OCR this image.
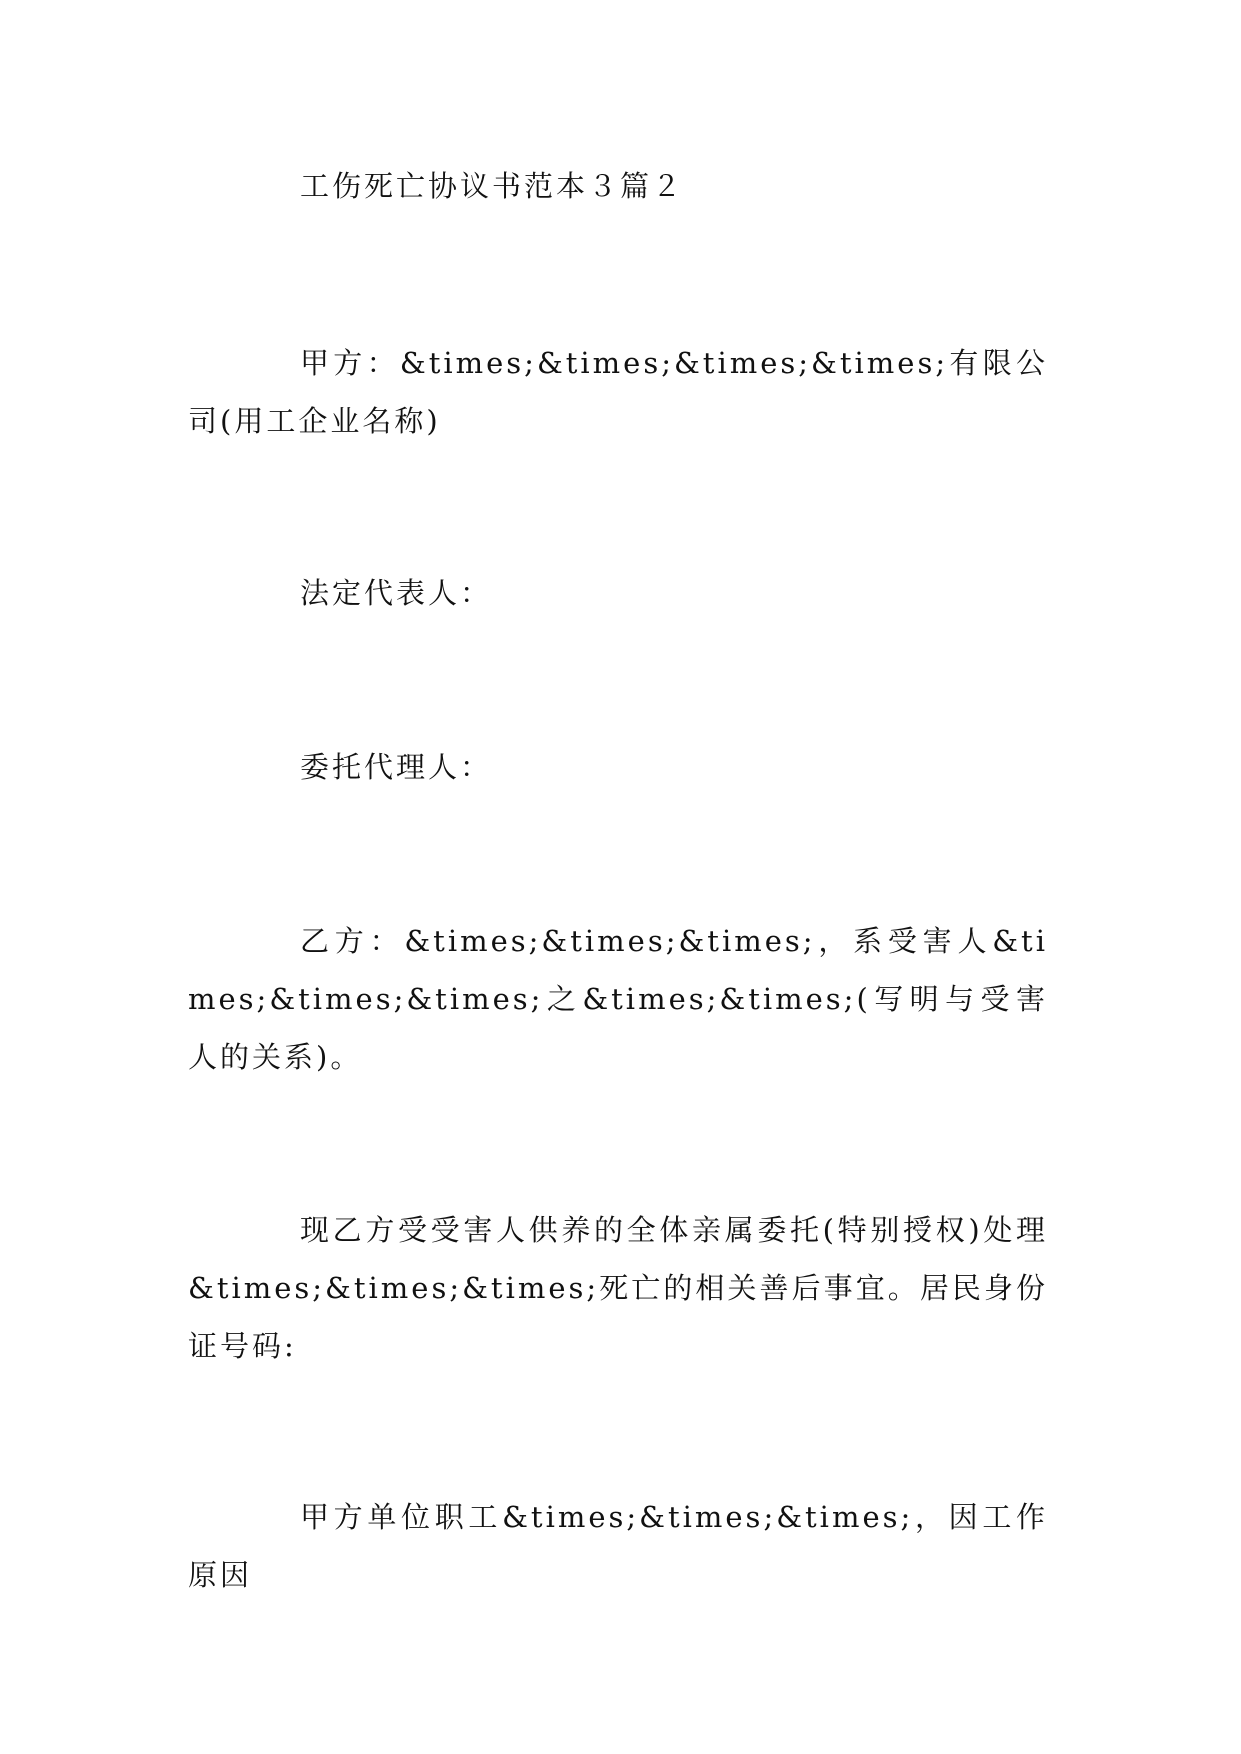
工伤死亡协议书范本３篇２

甲方：&times;&times;&times;&times;有限公司(用工企业名称)

法定代表人：

委托代理人：

乙方：&times;&times;&times;，系受害人&times;&times;&times;之&times;&times;(写明与受害人的关系)。

现乙方受受害人供养的全体亲属委托(特别授权)处理&times;&times;&times;死亡的相关善后事宜。居民身份证号码:

甲方单位职工&times;&times;&times;，因工作原因
